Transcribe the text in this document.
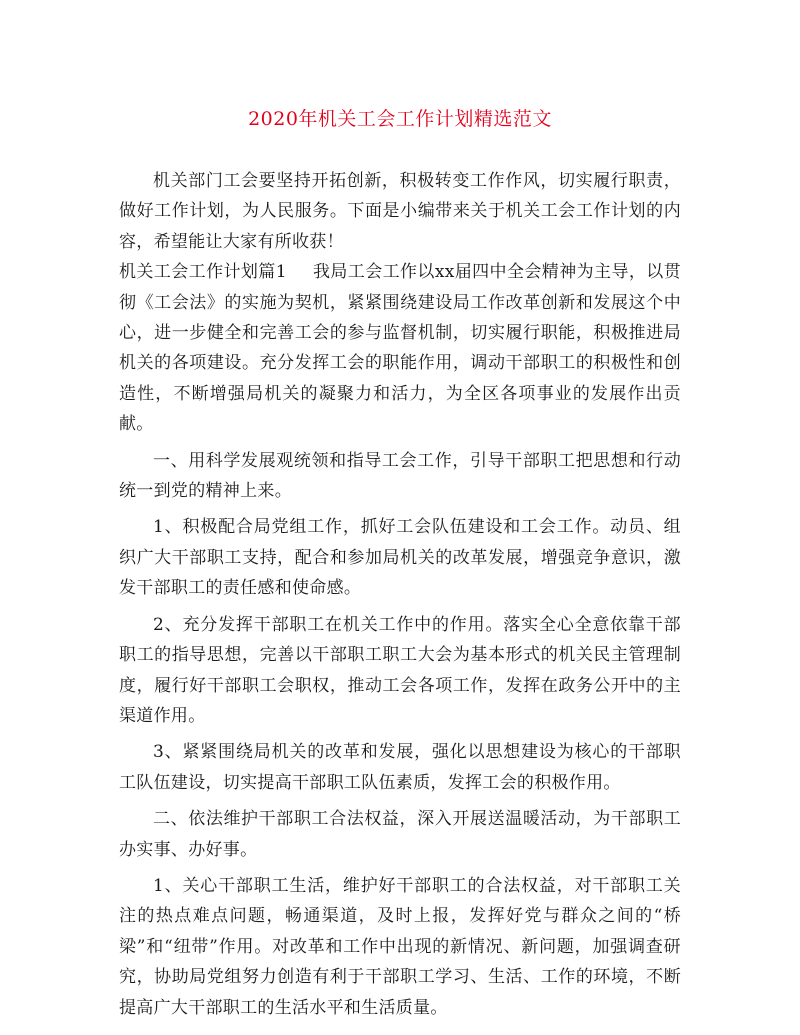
2020年机关工会工作计划精选范文

机关部门工会要坚持开拓创新，积极转变工作作风，切实履行职责，做好工作计划，为人民服务。下面是小编带来关于机关工会工作计划的内容，希望能让大家有所收获！

机关工会工作计划篇1 我局工会工作以xx届四中全会精神为主导，以贯彻《工会法》的实施为契机，紧紧围绕建设局工作改革创新和发展这个中心，进一步健全和完善工会的参与监督机制，切实履行职能，积极推进局机关的各项建设。充分发挥工会的职能作用，调动干部职工的积极性和创造性，不断增强局机关的凝聚力和活力，为全区各项事业的发展作出贡献。

一、用科学发展观统领和指导工会工作，引导干部职工把思想和行动统一到党的精神上来。

1、积极配合局党组工作，抓好工会队伍建设和工会工作。动员、组织广大干部职工支持，配合和参加局机关的改革发展，增强竞争意识，激发干部职工的责任感和使命感。

2、充分发挥干部职工在机关工作中的作用。落实全心全意依靠干部职工的指导思想，完善以干部职工职工大会为基本形式的机关民主管理制度，履行好干部职工会职权，推动工会各项工作，发挥在政务公开中的主渠道作用。

3、紧紧围绕局机关的改革和发展，强化以思想建设为核心的干部职工队伍建设，切实提高干部职工队伍素质，发挥工会的积极作用。

二、依法维护干部职工合法权益，深入开展送温暖活动，为干部职工办实事、办好事。

1、关心干部职工生活，维护好干部职工的合法权益，对干部职工关注的热点难点问题，畅通渠道，及时上报，发挥好党与群众之间的“桥梁”和“纽带”作用。对改革和工作中出现的新情况、新问题，加强调查研究，协助局党组努力创造有利于干部职工学习、生活、工作的环境，不断提高广大干部职工的生活水平和生活质量。
